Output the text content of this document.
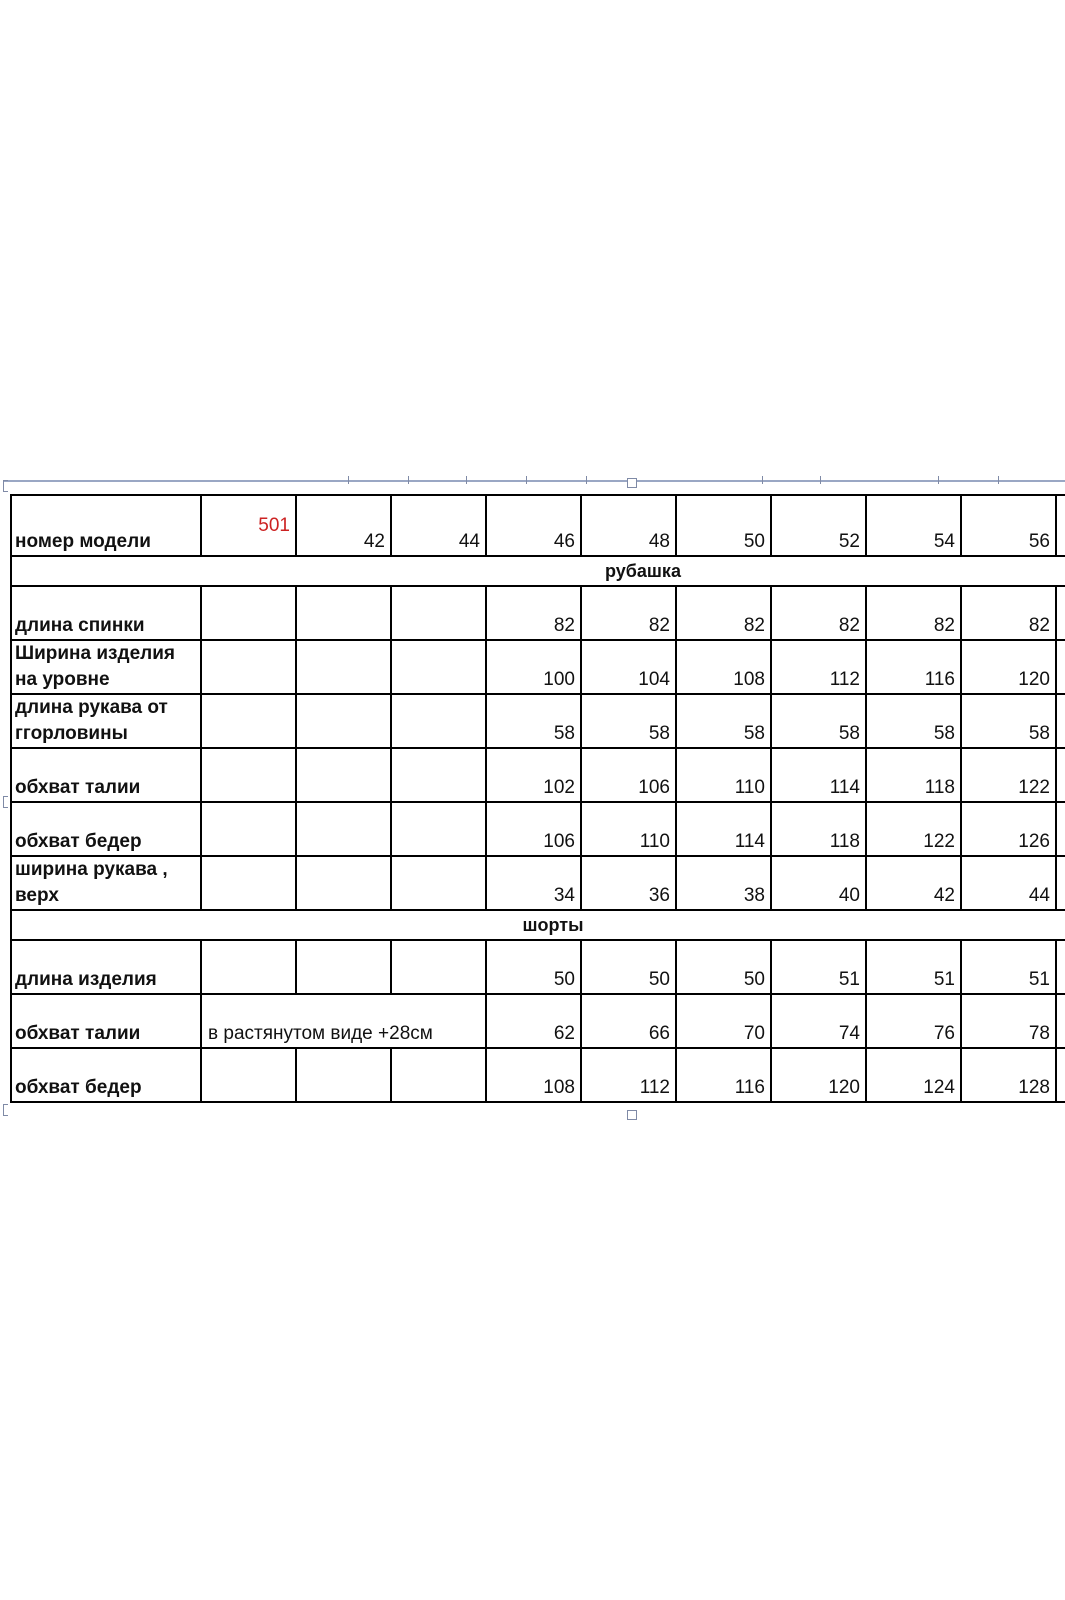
номер модели	501	42	44	46	48	50	52	54	56	
рубашка										
длина спинки				82	82	82	82	82	82	
Ширина изделия на уровне				100	104	108	112	116	120	
длина рукава от ггорловины				58	58	58	58	58	58	
обхват талии				102	106	110	114	118	122	
обхват бедер				106	110	114	118	122	126	
ширина рукава , верх				34	36	38	40	42	44	
шорты										
длина изделия				50	50	50	51	51	51	
обхват талии	в растянутом виде +28см			62	66	70	74	76	78	
обхват бедер				108	112	116	120	124	128	
